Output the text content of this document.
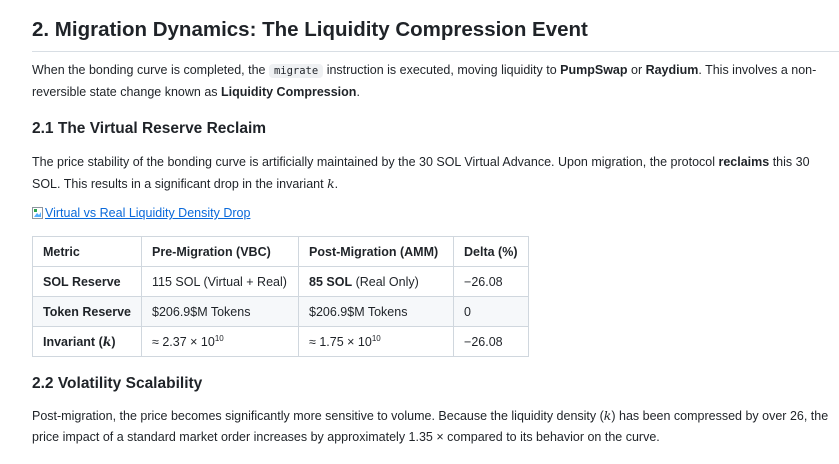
2. Migration Dynamics: The Liquidity Compression Event

When the bonding curve is completed, the migrate instruction is executed, moving liquidity to PumpSwap or Raydium. This involves a non-reversible state change known as Liquidity Compression.

2.1 The Virtual Reserve Reclaim

The price stability of the bonding curve is artificially maintained by the 30 SOL Virtual Advance. Upon migration, the protocol reclaims this 30 SOL. This results in a significant drop in the invariant k.

Virtual vs Real Liquidity Density Drop
Metric	Pre-Migration (VBC)	Post-Migration (AMM)	Delta (%)
SOL Reserve	115 SOL (Virtual + Real)	85 SOL (Real Only)	−26.08
Token Reserve	$206.9$M Tokens	$206.9$M Tokens	0
Invariant (k)	≈ $2.37 \times 10^{10}$	≈ $1.75 \times 10^{10}$	−26.08
2.2 Volatility Scalability

Post-migration, the price becomes significantly more sensitive to volume. Because the liquidity density (k) has been compressed by over 26, the price impact of a standard market order increases by approximately 1.35 × compared to its behavior on the curve.
